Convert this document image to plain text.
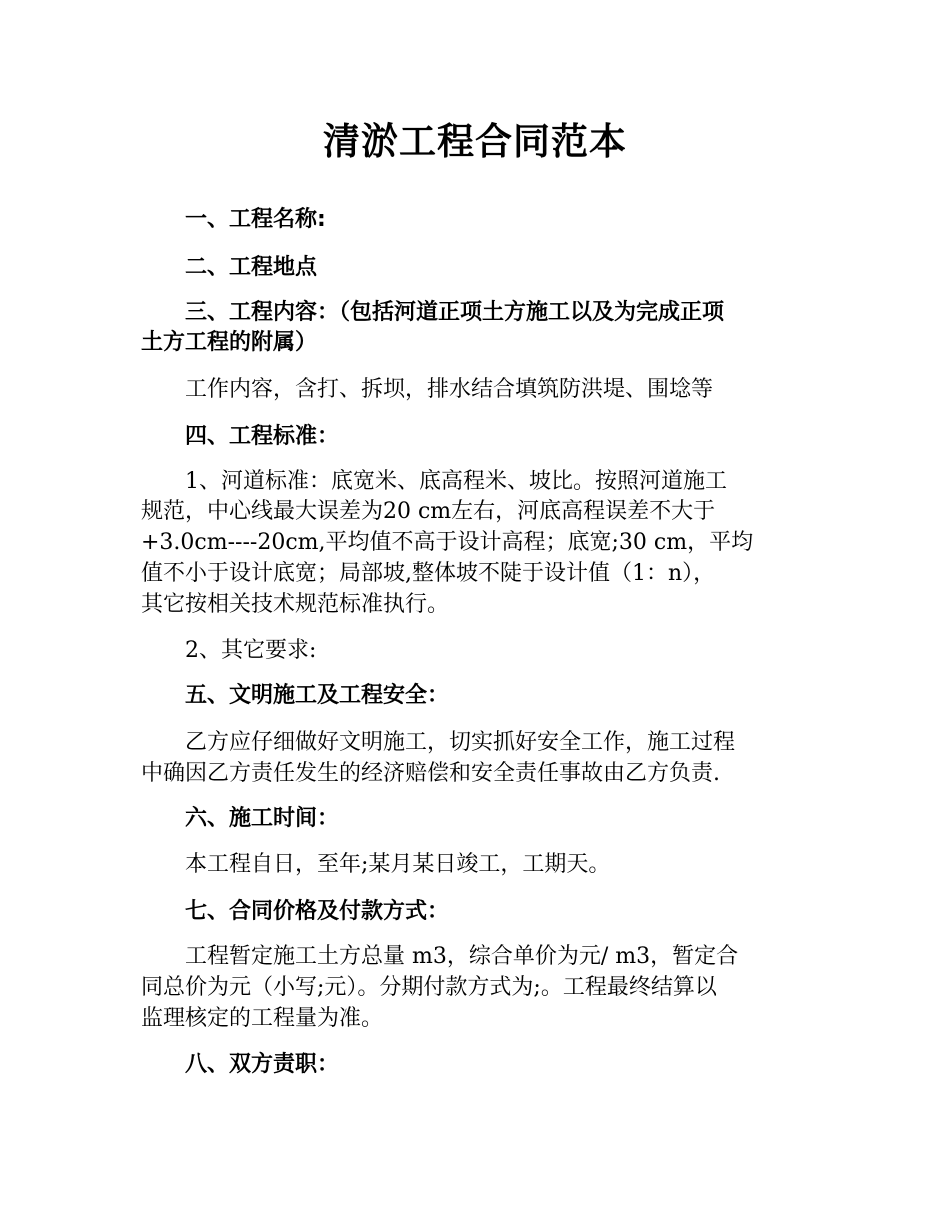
清淤工程合同范本
一、工程名称:
二、工程地点
三、工程内容：（包括河道正项土方施工以及为完成正项
土方工程的附属）
工作内容，含打、拆坝，排水结合填筑防洪堤、围埝等
四、工程标准：
1、河道标准：底宽米、底高程米、坡比。按照河道施工
规范，中心线最大误差为20 cm左右，河底高程误差不大于
+3.0cm----20cm,平均值不高于设计高程；底宽;30 cm，平均
值不小于设计底宽；局部坡,整体坡不陡于设计值（1：n），
其它按相关技术规范标准执行。
2、其它要求:
五、文明施工及工程安全：
乙方应仔细做好文明施工，切实抓好安全工作，施工过程
中确因乙方责任发生的经济赔偿和安全责任事故由乙方负责.
六、施工时间：
本工程自日，至年;某月某日竣工，工期天。
七、合同价格及付款方式：
工程暂定施工土方总量 m3，综合单价为元/ m3，暂定合
同总价为元（小写;元）。分期付款方式为;。工程最终结算以
监理核定的工程量为准。
八、双方责职：
